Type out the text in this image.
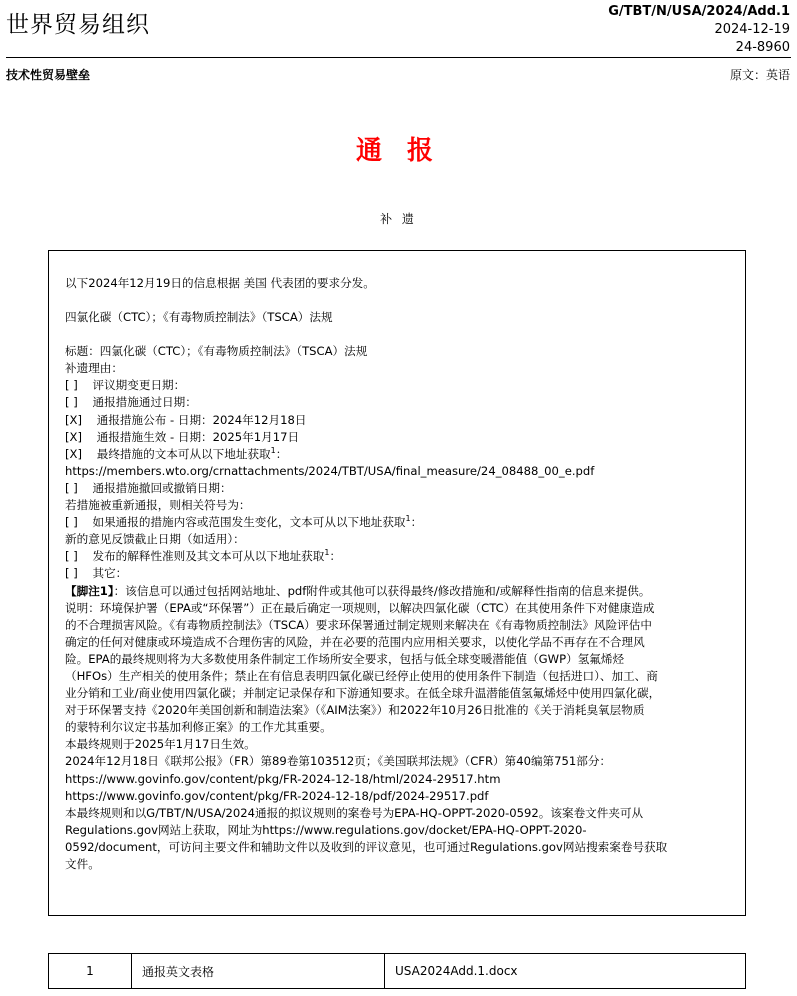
世界贸易组织
G/TBT/N/USA/2024/Add.1
2024-12-19
24-8960
技术性贸易壁垒	原文：英语
通 报
补 遗
以下2024年12月19日的信息根据 美国 代表团的要求分发。
四氯化碳（CTC）；《有毒物质控制法》（TSCA）法规
标题：四氯化碳（CTC）；《有毒物质控制法》（TSCA）法规
补遗理由：
[ ]    评议期变更日期：
[ ]    通报措施通过日期：
[X]    通报措施公布 - 日期：2024年12月18日
[X]    通报措施生效 - 日期：2025年1月17日
[X]    最终措施的文本可从以下地址获取$^1$：
https://members.wto.org/crnattachments/2024/TBT/USA/final_measure/24_08488_00_e.pdf
[ ]    通报措施撤回或撤销日期：
若措施被重新通报，则相关符号为：
[ ]    如果通报的措施内容或范围发生变化，文本可从以下地址获取$^1$：
新的意见反馈截止日期（如适用）：
[ ]    发布的解释性准则及其文本可从以下地址获取$^1$：
[ ]    其它：
【脚注1】：该信息可以通过包括网站地址、pdf附件或其他可以获得最终/修改措施和/或解释性指南的信息来提供。
说明：环境保护署（EPA或“环保署”）正在最后确定一项规则，以解决四氯化碳（CTC）在其使用条件下对健康造成
的不合理损害风险。《有毒物质控制法》（TSCA）要求环保署通过制定规则来解决在《有毒物质控制法》风险评估中
确定的任何对健康或环境造成不合理伤害的风险，并在必要的范围内应用相关要求，以使化学品不再存在不合理风
险。EPA的最终规则将为大多数使用条件制定工作场所安全要求，包括与低全球变暖潜能值（GWP）氢氟烯烃
（HFOs）生产相关的使用条件；禁止在有信息表明四氯化碳已经停止使用的使用条件下制造（包括进口）、加工、商
业分销和工业/商业使用四氯化碳；并制定记录保存和下游通知要求。在低全球升温潜能值氢氟烯烃中使用四氯化碳，
对于环保署支持《2020年美国创新和制造法案》（《AIM法案》）和2022年10月26日批准的《关于消耗臭氧层物质
的蒙特利尔议定书基加利修正案》的工作尤其重要。
本最终规则于2025年1月17日生效。
2024年12月18日《联邦公报》（FR）第89卷第103512页；《美国联邦法规》（CFR）第40编第751部分：
https://www.govinfo.gov/content/pkg/FR-2024-12-18/html/2024-29517.htm
https://www.govinfo.gov/content/pkg/FR-2024-12-18/pdf/2024-29517.pdf
本最终规则和以G/TBT/N/USA/2024通报的拟议规则的案卷号为EPA-HQ-OPPT-2020-0592。该案卷文件夹可从
Regulations.gov网站上获取，网址为https://www.regulations.gov/docket/EPA-HQ-OPPT-2020-
0592/document，可访问主要文件和辅助文件以及收到的评议意见，也可通过Regulations.gov网站搜索案卷号获取
文件。
1	通报英文表格	USA2024Add.1.docx
